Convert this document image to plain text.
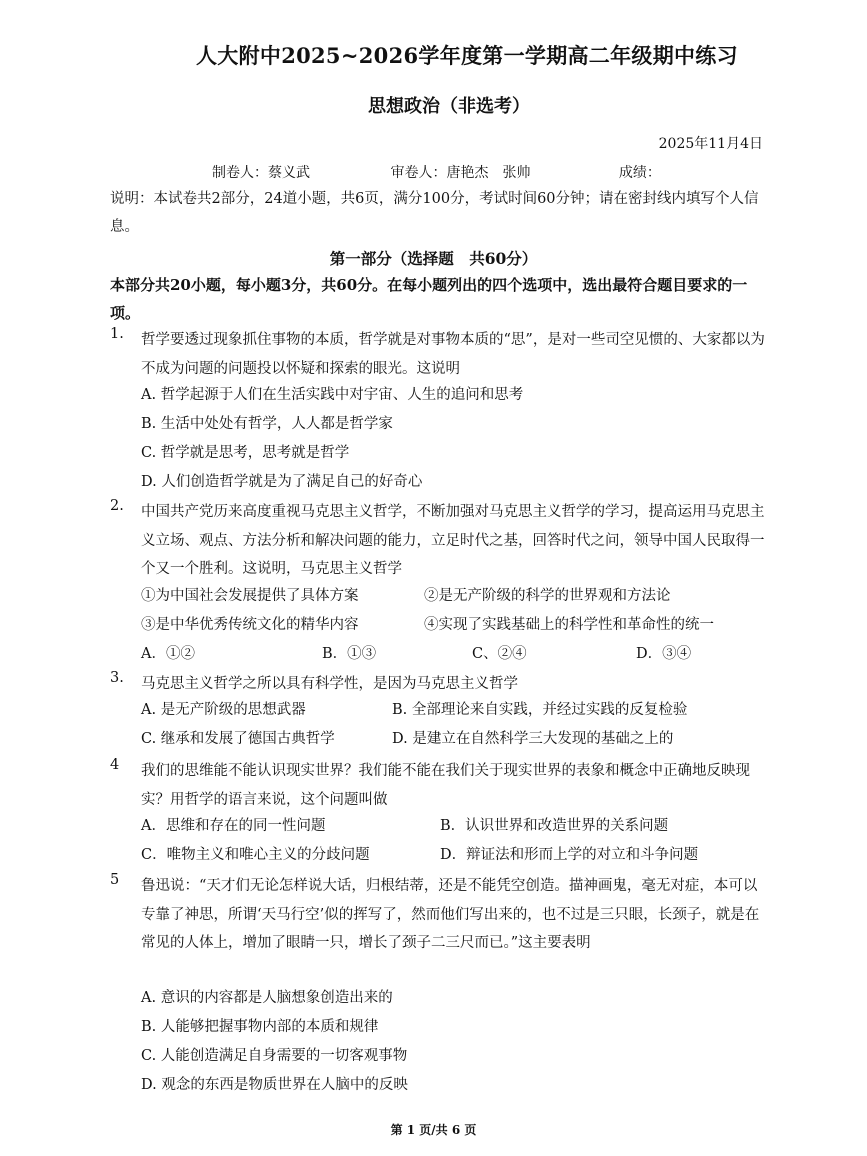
人大附中2025~2026学年度第一学期高二年级期中练习
思想政治（非选考）
2025年11月4日
制卷人：蔡义武	审卷人：唐艳杰　张帅	成绩：
说明：本试卷共2部分，24道小题，共6页，满分100分，考试时间60分钟；请在密封线内填写个人信息。
第一部分（选择题　共60分）
本部分共20小题，每小题3分，共60分。在每小题列出的四个选项中，选出最符合题目要求的一项。
1. 哲学要透过现象抓住事物的本质，哲学就是对事物本质的“思”，是对一些司空见惯的、大家都以为不成为问题的问题投以怀疑和探索的眼光。这说明
A. 哲学起源于人们在生活实践中对宇宙、人生的追问和思考
B. 生活中处处有哲学，人人都是哲学家
C. 哲学就是思考，思考就是哲学
D. 人们创造哲学就是为了满足自己的好奇心
2. 中国共产党历来高度重视马克思主义哲学，不断加强对马克思主义哲学的学习，提高运用马克思主义立场、观点、方法分析和解决问题的能力，立足时代之基，回答时代之问，领导中国人民取得一个又一个胜利。这说明，马克思主义哲学
①为中国社会发展提供了具体方案	②是无产阶级的科学的世界观和方法论
③是中华优秀传统文化的精华内容	④实现了实践基础上的科学性和革命性的统一
A．①②	B．①③	C、②④	D．③④
3. 马克思主义哲学之所以具有科学性，是因为马克思主义哲学
A. 是无产阶级的思想武器	B. 全部理论来自实践，并经过实践的反复检验
C. 继承和发展了德国古典哲学	D. 是建立在自然科学三大发现的基础之上的
4 我们的思维能不能认识现实世界？我们能不能在我们关于现实世界的表象和概念中正确地反映现实？用哲学的语言来说，这个问题叫做
A．思维和存在的同一性问题	B．认识世界和改造世界的关系问题
C．唯物主义和唯心主义的分歧问题	D．辩证法和形而上学的对立和斗争问题
5 鲁迅说：“天才们无论怎样说大话，归根结蒂，还是不能凭空创造。描神画鬼，毫无对症，本可以专靠了神思，所谓‘天马行空’似的挥写了，然而他们写出来的，也不过是三只眼，长颈子，就是在常见的人体上，增加了眼睛一只，增长了颈子二三尺而已。”这主要表明
A. 意识的内容都是人脑想象创造出来的
B. 人能够把握事物内部的本质和规律
C. 人能创造满足自身需要的一切客观事物
D. 观念的东西是物质世界在人脑中的反映
第 1 页/共 6 页
